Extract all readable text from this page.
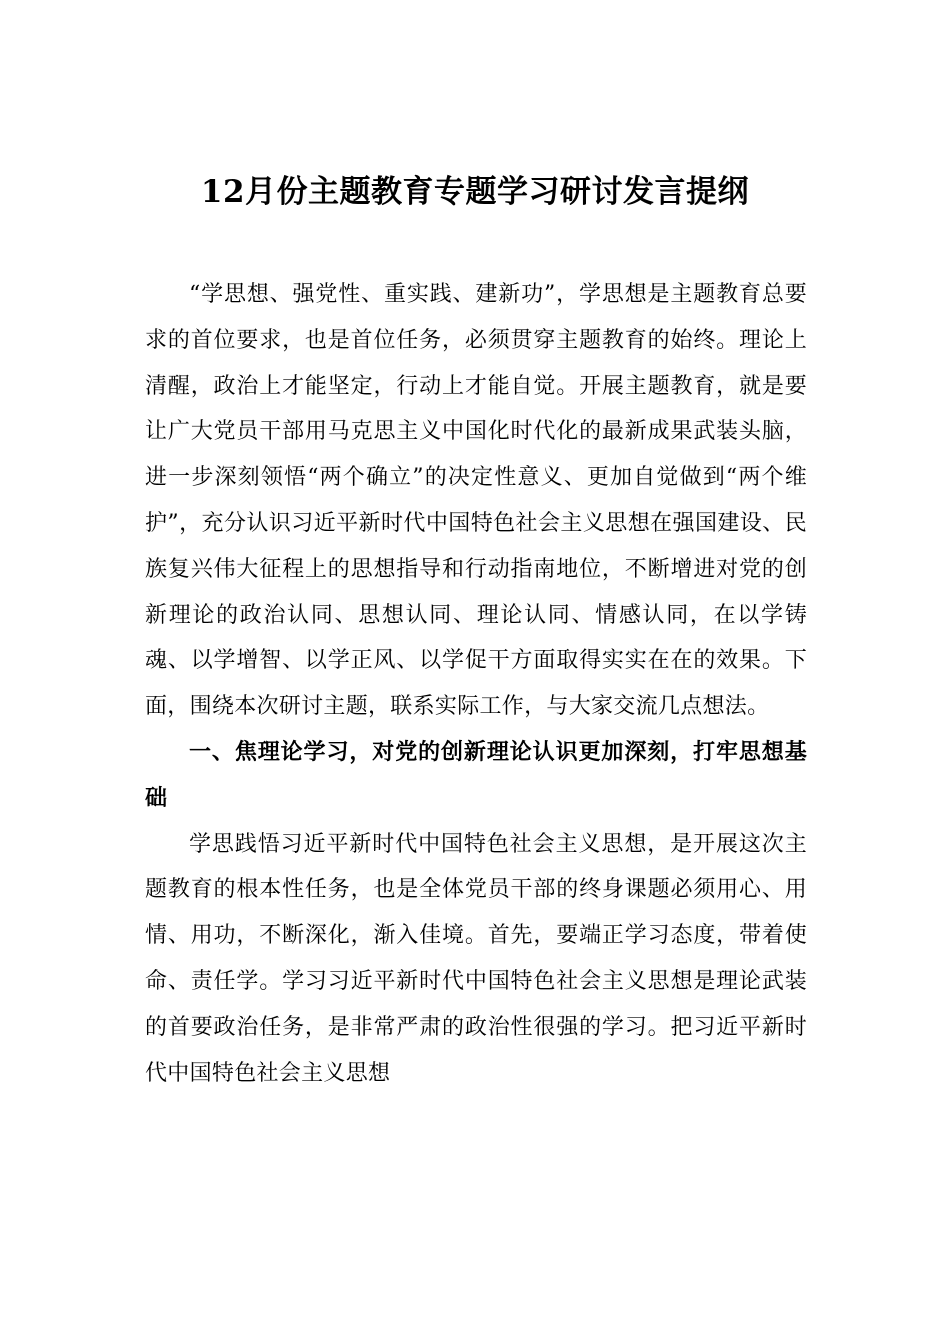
12月份主题教育专题学习研讨发言提纲

“学思想、强党性、重实践、建新功”，学思想是主题教育总要求的首位要求，也是首位任务，必须贯穿主题教育的始终。理论上清醒，政治上才能坚定，行动上才能自觉。开展主题教育，就是要让广大党员干部用马克思主义中国化时代化的最新成果武装头脑，进一步深刻领悟“两个确立”的决定性意义、更加自觉做到“两个维护”，充分认识习近平新时代中国特色社会主义思想在强国建设、民族复兴伟大征程上的思想指导和行动指南地位，不断增进对党的创新理论的政治认同、思想认同、理论认同、情感认同，在以学铸魂、以学增智、以学正风、以学促干方面取得实实在在的效果。下面，围绕本次研讨主题，联系实际工作，与大家交流几点想法。

一、焦理论学习，对党的创新理论认识更加深刻，打牢思想基础

学思践悟习近平新时代中国特色社会主义思想，是开展这次主题教育的根本性任务，也是全体党员干部的终身课题必须用心、用情、用功，不断深化，渐入佳境。首先，要端正学习态度，带着使命、责任学。学习习近平新时代中国特色社会主义思想是理论武装的首要政治任务，是非常严肃的政治性很强的学习。把习近平新时代中国特色社会主义思想
